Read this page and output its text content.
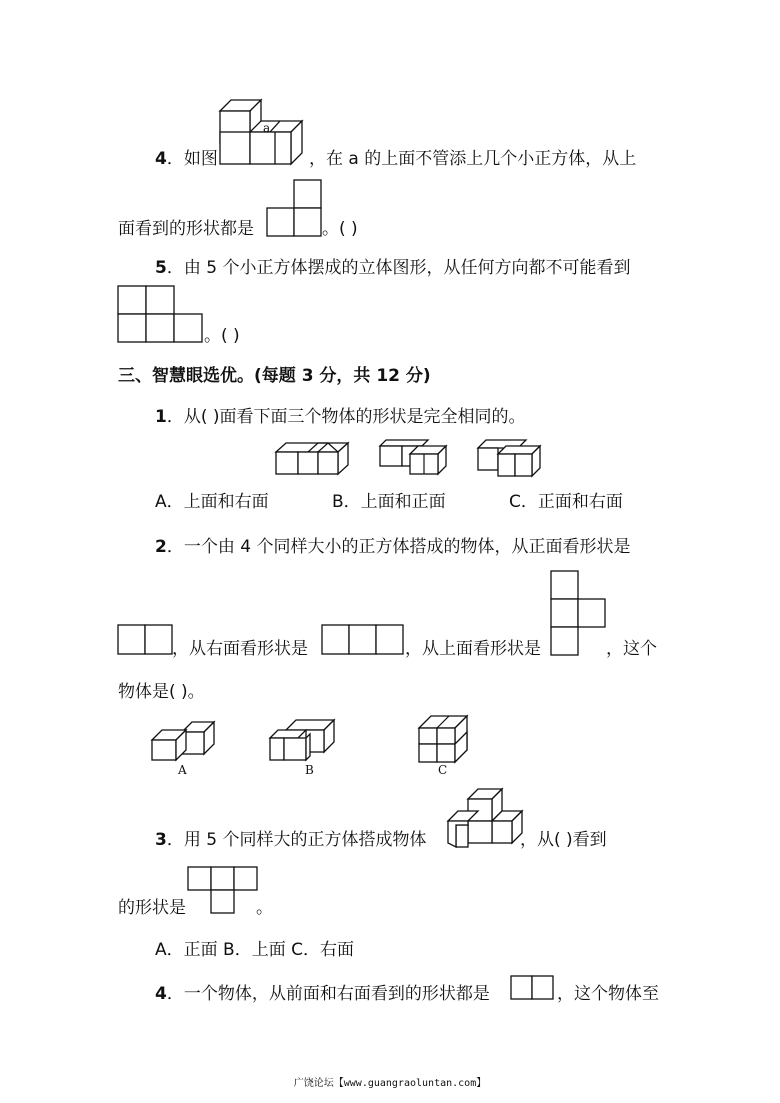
a
4．如图	，在 a 的上面不管添上几个小正方体，从上
面看到的形状都是	。( )
5．由 5 个小正方体摆成的立体图形，从任何方向都不可能看到
。( )
三、智慧眼选优。(每题 3 分，共 12 分)
1．从( )面看下面三个物体的形状是完全相同的。
A．上面和右面	B．上面和正面	C．正面和右面
2．一个由 4 个同样大小的正方体搭成的物体，从正面看形状是
，从右面看形状是	，从上面看形状是	，这个
物体是( )。
A	B	C
3．用 5 个同样大的正方体搭成物体	，从( )看到
的形状是	。
A．正面 B．上面 C．右面
4．一个物体，从前面和右面看到的形状都是	，这个物体至
广饶论坛【www.guangraoluntan.com】
